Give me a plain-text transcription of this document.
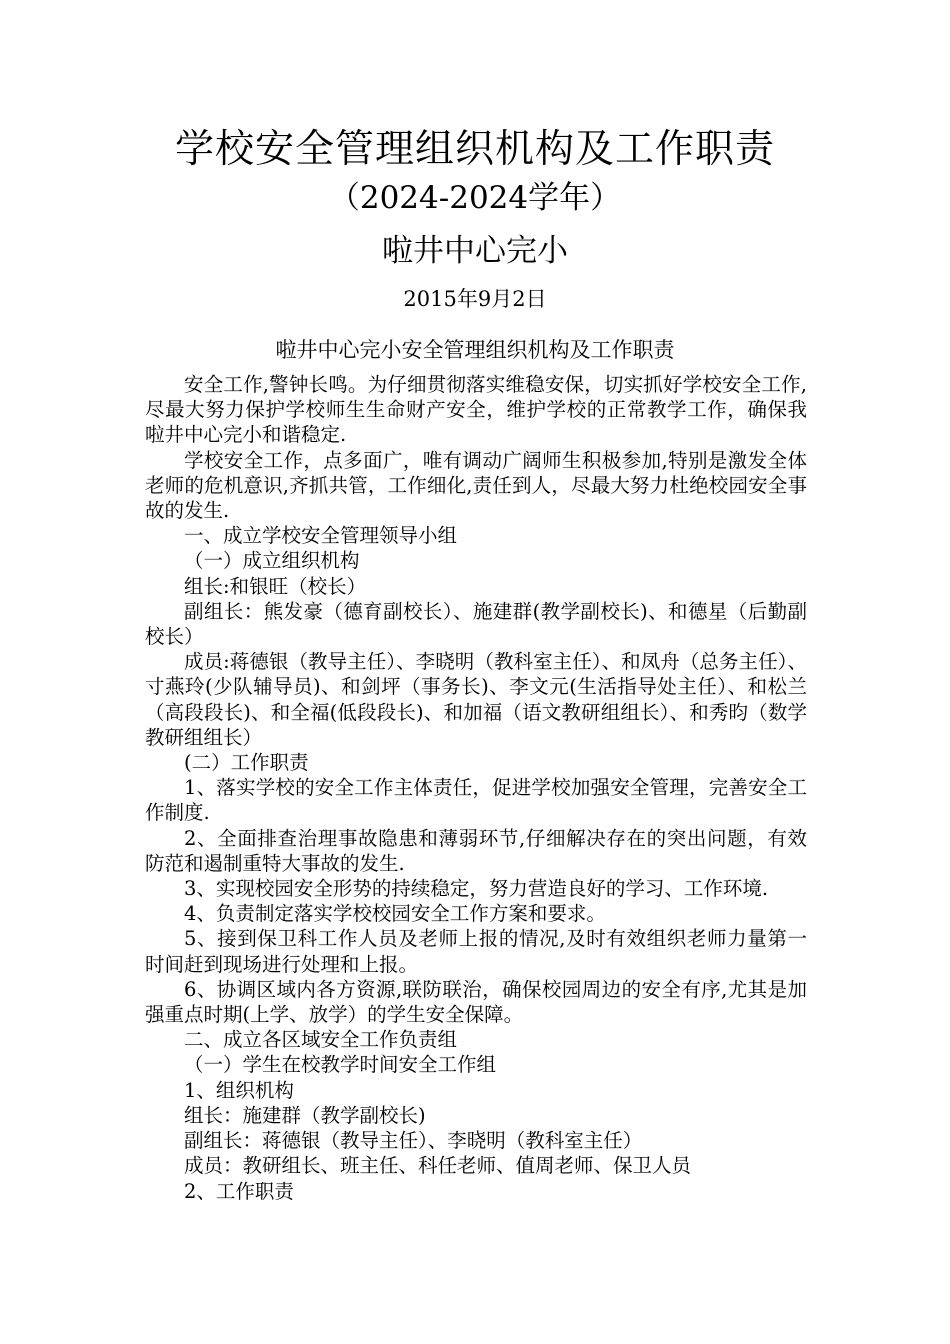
学校安全管理组织机构及工作职责
（2024-2024学年）
啦井中心完小
2015年9月2日
啦井中心完小安全管理组织机构及工作职责

安全工作,警钟长鸣。为仔细贯彻落实维稳安保，切实抓好学校安全工作,尽最大努力保护学校师生生命财产安全，维护学校的正常教学工作，确保我啦井中心完小和谐稳定.

学校安全工作，点多面广，唯有调动广阔师生积极参加,特别是激发全体老师的危机意识,齐抓共管，工作细化,责任到人，尽最大努力杜绝校园安全事故的发生.

一、成立学校安全管理领导小组

（一）成立组织机构

组长:和银旺（校长）

副组长：熊发豪（德育副校长）、施建群(教学副校长)、和德星（后勤副校长）

成员:蒋德银（教导主任）、李晓明（教科室主任）、和凤舟（总务主任）、寸燕玲(少队辅导员)、和剑坪（事务长)、李文元(生活指导处主任）、和松兰（高段段长)、和全福(低段段长)、和加福（语文教研组组长）、和秀昀（数学教研组组长）

(二）工作职责

1、落实学校的安全工作主体责任，促进学校加强安全管理，完善安全工作制度.

2、全面排查治理事故隐患和薄弱环节,仔细解决存在的突出问题，有效防范和遏制重特大事故的发生.

3、实现校园安全形势的持续稳定，努力营造良好的学习、工作环境.

4、负责制定落实学校校园安全工作方案和要求。

5、接到保卫科工作人员及老师上报的情况,及时有效组织老师力量第一时间赶到现场进行处理和上报。

6、协调区域内各方资源,联防联治，确保校园周边的安全有序,尤其是加强重点时期(上学、放学）的学生安全保障。

二、成立各区域安全工作负责组

（一）学生在校教学时间安全工作组

1、组织机构

组长：施建群（教学副校长)

副组长：蒋德银（教导主任）、李晓明（教科室主任）

成员：教研组长、班主任、科任老师、值周老师、保卫人员

2、工作职责
